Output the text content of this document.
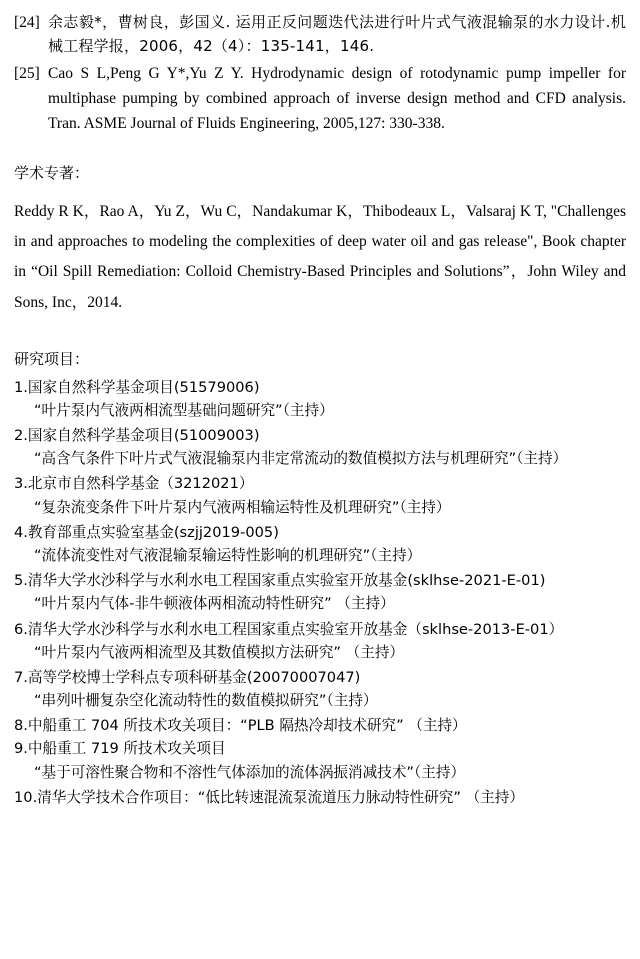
[24] 余志毅*，曹树良，彭国义. 运用正反问题迭代法进行叶片式气液混输泵的水力设计.机械工程学报，2006，42（4）：135-141，146.
[25] Cao S L,Peng G Y*,Yu Z Y. Hydrodynamic design of rotodynamic pump impeller for multiphase pumping by combined approach of inverse design method and CFD analysis. Tran. ASME Journal of Fluids Engineering, 2005,127: 330-338.
学术专著：

Reddy R K，Rao A，Yu Z，Wu C，Nandakumar K，Thibodeaux L，Valsaraj K T, "Challenges in and approaches to modeling the complexities of deep water oil and gas release", Book chapter in “Oil Spill Remediation: Colloid Chemistry-Based Principles and Solutions”，John Wiley and Sons, Inc，2014.

研究项目：
1.国家自然科学基金项目(51579006)
“叶片泵内气液两相流型基础问题研究”（主持）
2.国家自然科学基金项目(51009003)
“高含气条件下叶片式气液混输泵内非定常流动的数值模拟方法与机理研究”（主持）
3.北京市自然科学基金（3212021）
“复杂流变条件下叶片泵内气液两相输运特性及机理研究”（主持）
4.教育部重点实验室基金(szjj2019-005)
“流体流变性对气液混输泵输运特性影响的机理研究”（主持）
5.清华大学水沙科学与水利水电工程国家重点实验室开放基金(sklhse-2021-E-01)
“叶片泵内气体-非牛顿液体两相流动特性研究” （主持）
6.清华大学水沙科学与水利水电工程国家重点实验室开放基金（sklhse-2013-E-01）
“叶片泵内气液两相流型及其数值模拟方法研究” （主持）
7.高等学校博士学科点专项科研基金(20070007047)
“串列叶栅复杂空化流动特性的数值模拟研究”（主持）
8.中船重工 704 所技术攻关项目：“PLB 隔热冷却技术研究” （主持）
9.中船重工 719 所技术攻关项目
“基于可溶性聚合物和不溶性气体添加的流体涡振消减技术”（主持）
10.清华大学技术合作项目：“低比转速混流泵流道压力脉动特性研究” （主持）
